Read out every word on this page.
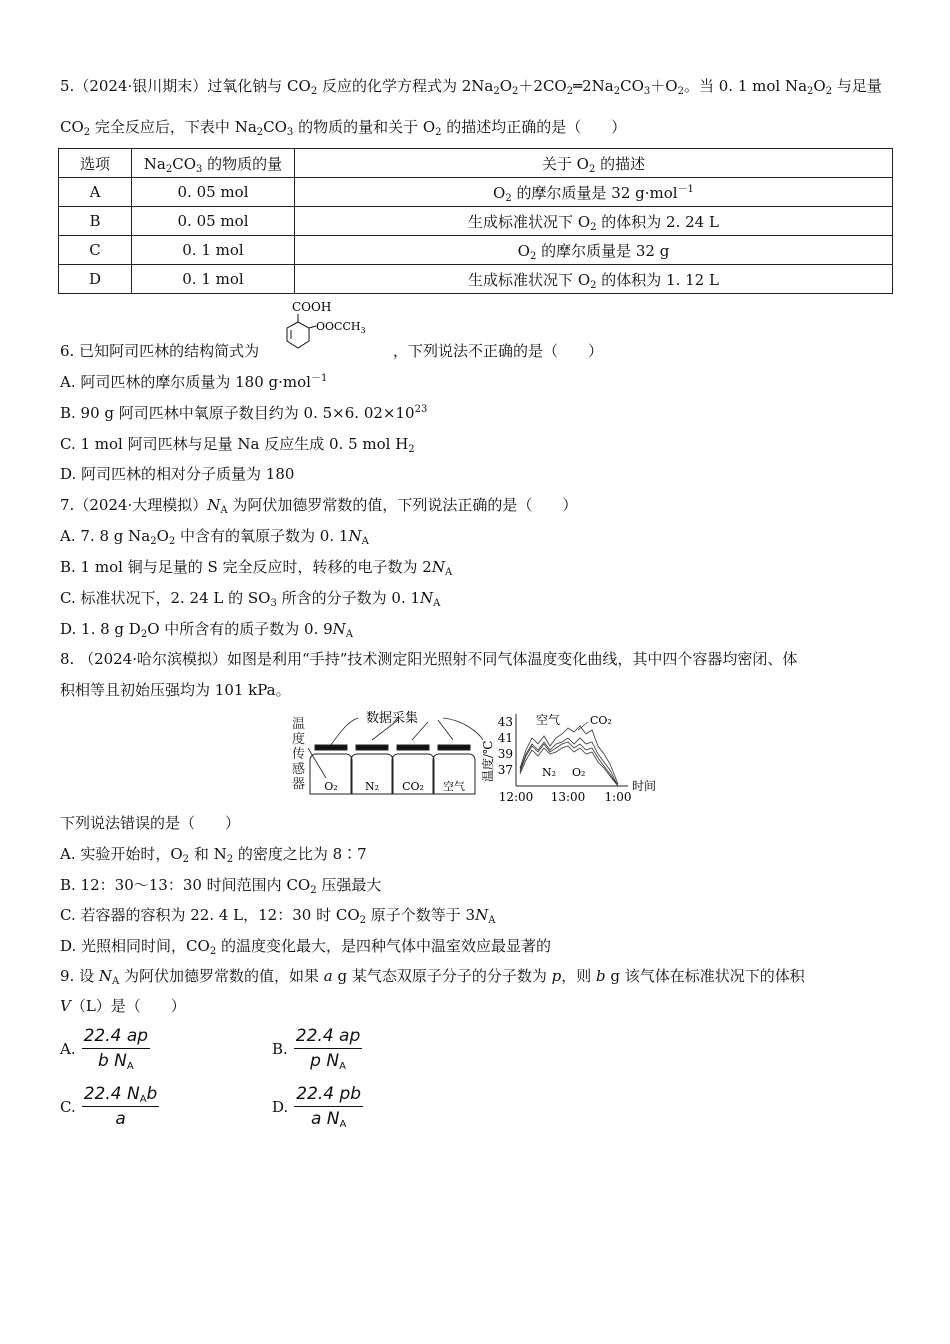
5.（2024·银川期末）过氧化钠与 $CO_2$ 反应的化学方程式为 $2Na_2O_2+2CO_2═2Na_2CO_3+O_2$。当 0. 1 mol $Na_2O_2$ 与足量
$CO_2$ 完全反应后，下表中 $Na_2CO_3$ 的物质的量和关于 $O_2$ 的描述均正确的是（　　）
选项	$Na_2CO_3$ 的物质的量	关于 $O_2$ 的描述
A	0. 05 mol	$O_2$ 的摩尔质量是 32 g·mol$^{-1}$
B	0. 05 mol	生成标准状况下 $O_2$ 的体积为 2. 24 L
C	0. 1 mol	$O_2$ 的摩尔质量是 32 g
D	0. 1 mol	生成标准状况下 $O_2$ 的体积为 1. 12 L
6. 已知阿司匹林的结构简式为
COOH
$OOCCH_3$
，下列说法不正确的是（　　）
A. 阿司匹林的摩尔质量为 180 g·mol$^{-1}$
B. 90 g 阿司匹林中氧原子数目约为 0. 5×6. $02\times 10^{23}$
C. 1 mol 阿司匹林与足量 Na 反应生成 0. 5 mol $H_2$
D. 阿司匹林的相对分子质量为 180
7.（2024·大理模拟）$N_A$ 为阿伏加德罗常数的值，下列说法正确的是（　　）
A. 7. 8 g $Na_2O_2$ 中含有的氧原子数为 0. $1N_A$
B. 1 mol 铜与足量的 S 完全反应时，转移的电子数为 $2N_A$
C. 标准状况下，2. 24 L 的 $SO_3$ 所含的分子数为 0. $1N_A$
D. 1. 8 g $D_2O$ 中所含有的质子数为 0. $9N_A$
8. （2024·哈尔滨模拟）如图是利用“手持”技术测定阳光照射不同气体温度变化曲线，其中四个容器均密闭、体
积相等且初始压强均为 101 kPa。
温
度
传
感
器
数据采集
O₂ N₂ CO₂ 空气
温度/℃
43
41
39
37
空气	CO₂
N₂ O₂
12:00 13:00 1:00
时间
下列说法错误的是（　　）
A. 实验开始时，$O_2$ 和 $N_2$ 的密度之比为 8∶7
B. 12：30～13：30 时间范围内 $CO_2$ 压强最大
C. 若容器的容积为 22. 4 L，12：30 时 $CO_2$ 原子个数等于 $3N_A$
D. 光照相同时间，$CO_2$ 的温度变化最大，是四种气体中温室效应最显著的
9. 设 $N_A$ 为阿伏加德罗常数的值，如果 a g 某气态双原子分子的分子数为 p，则 b g 该气体在标准状况下的体积
V（L）是（　　）
A. $\frac{22.4 ap}{b N_A}$	B. $\frac{22.4 ap}{p N_A}$
C. $\frac{22.4 N_Ab}{a}$	D. $\frac{22.4 pb}{a N_A}$
